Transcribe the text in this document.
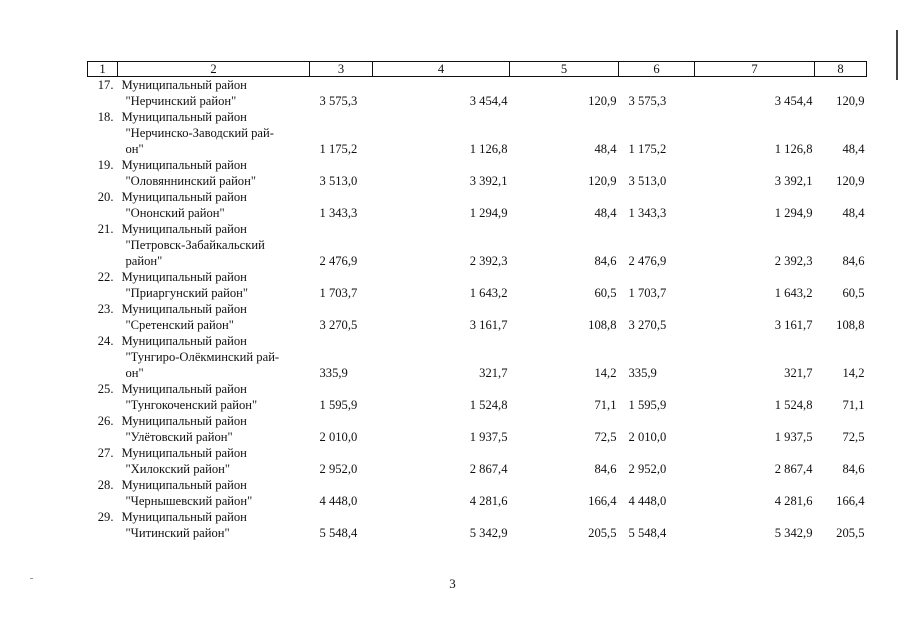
1	2	3	4	5	6	7	8
17.	Муниципальный район
"Нерчинский район"	3 575,3	3 454,4	120,9	3 575,3	3 454,4	120,9
18.	Муниципальный район
"Нерчинско-Заводский рай-
он"	1 175,2	1 126,8	48,4	1 175,2	1 126,8	48,4
19.	Муниципальный район
"Оловяннинский район"	3 513,0	3 392,1	120,9	3 513,0	3 392,1	120,9
20.	Муниципальный район
"Ононский район"	1 343,3	1 294,9	48,4	1 343,3	1 294,9	48,4
21.	Муниципальный район
"Петровск-Забайкальский
район"	2 476,9	2 392,3	84,6	2 476,9	2 392,3	84,6
22.	Муниципальный район
"Приаргунский район"	1 703,7	1 643,2	60,5	1 703,7	1 643,2	60,5
23.	Муниципальный район
"Сретенский район"	3 270,5	3 161,7	108,8	3 270,5	3 161,7	108,8
24.	Муниципальный район
"Тунгиро-Олёкминский рай-
он"	335,9	321,7	14,2	335,9	321,7	14,2
25.	Муниципальный район
"Тунгокоченский район"	1 595,9	1 524,8	71,1	1 595,9	1 524,8	71,1
26.	Муниципальный район
"Улётовский район"	2 010,0	1 937,5	72,5	2 010,0	1 937,5	72,5
27.	Муниципальный район
"Хилокский район"	2 952,0	2 867,4	84,6	2 952,0	2 867,4	84,6
28.	Муниципальный район
"Чернышевский район"	4 448,0	4 281,6	166,4	4 448,0	4 281,6	166,4
29.	Муниципальный район
"Читинский район"	5 548,4	5 342,9	205,5	5 548,4	5 342,9	205,5
3
